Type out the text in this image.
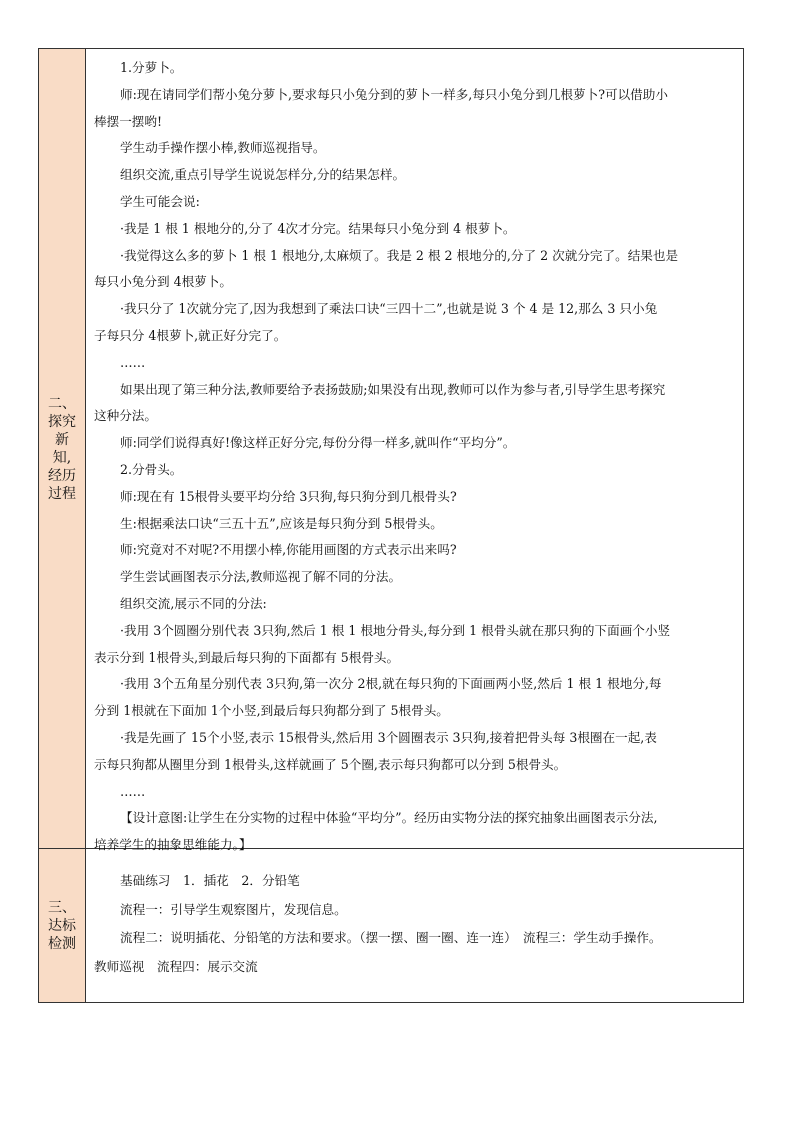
二、
探究
新
知,
经历
过程

1.分萝卜。

师:现在请同学们帮小兔分萝卜,要求每只小兔分到的萝卜一样多,每只小兔分到几根萝卜?可以借助小

棒摆一摆哟!

学生动手操作摆小棒,教师巡视指导。

组织交流,重点引导学生说说怎样分,分的结果怎样。

学生可能会说:

·我是 1 根 1 根地分的,分了 4次才分完。结果每只小兔分到 4 根萝卜。

·我觉得这么多的萝卜 1 根 1 根地分,太麻烦了。我是 2 根 2 根地分的,分了 2 次就分完了。结果也是

每只小兔分到 4根萝卜。

·我只分了 1次就分完了,因为我想到了乘法口诀“三四十二”,也就是说 3 个 4 是 12,那么 3 只小兔

子每只分 4根萝卜,就正好分完了。

……

如果出现了第三种分法,教师要给予表扬鼓励;如果没有出现,教师可以作为参与者,引导学生思考探究

这种分法。

师:同学们说得真好!像这样正好分完,每份分得一样多,就叫作“平均分”。

2.分骨头。

师:现在有 15根骨头要平均分给 3只狗,每只狗分到几根骨头?

生:根据乘法口诀“三五十五”,应该是每只狗分到 5根骨头。

师:究竟对不对呢?不用摆小棒,你能用画图的方式表示出来吗?

学生尝试画图表示分法,教师巡视了解不同的分法。

组织交流,展示不同的分法:

·我用 3个圆圈分别代表 3只狗,然后 1 根 1 根地分骨头,每分到 1 根骨头就在那只狗的下面画个小竖

表示分到 1根骨头,到最后每只狗的下面都有 5根骨头。

·我用 3个五角星分别代表 3只狗,第一次分 2根,就在每只狗的下面画两小竖,然后 1 根 1 根地分,每

分到 1根就在下面加 1个小竖,到最后每只狗都分到了 5根骨头。

·我是先画了 15个小竖,表示 15根骨头,然后用 3个圆圈表示 3只狗,接着把骨头每 3根圈在一起,表

示每只狗都从圈里分到 1根骨头,这样就画了 5个圈,表示每只狗都可以分到 5根骨头。

……

【设计意图:让学生在分实物的过程中体验“平均分”。经历由实物分法的探究抽象出画图表示分法,

培养学生的抽象思维能力。】

三、
达标
检测

基础练习　1．插花　2．分铅笔

流程一：引导学生观察图片，发现信息。

流程二：说明插花、分铅笔的方法和要求。（摆一摆、圈一圈、连一连）　流程三：学生动手操作。

教师巡视　流程四：展示交流
